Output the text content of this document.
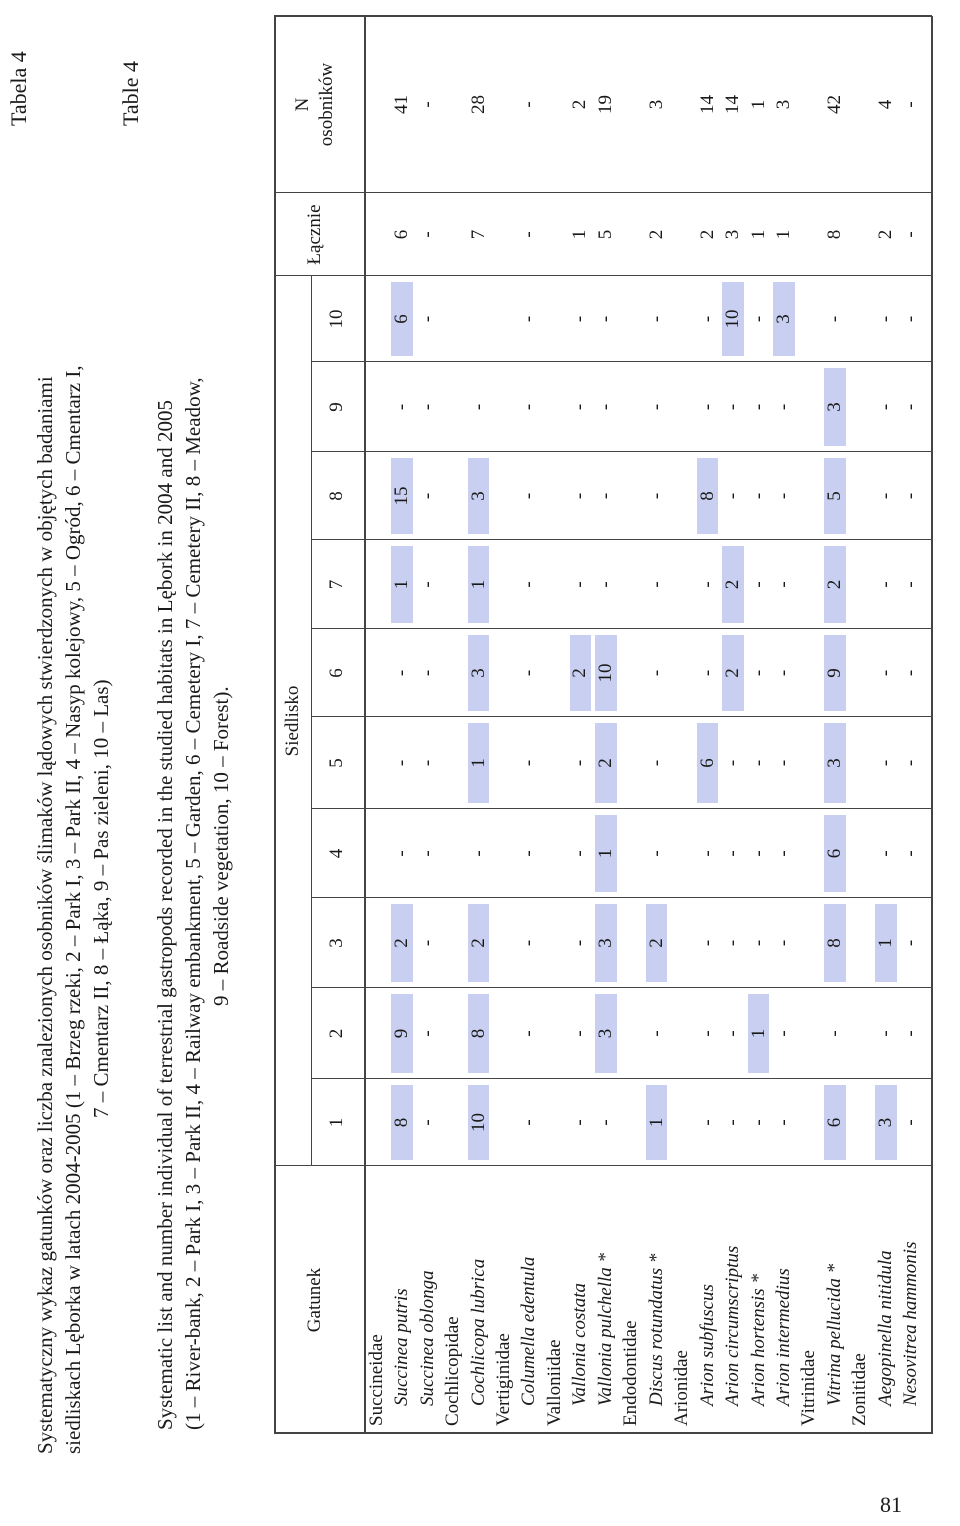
Tabela 4
Systematyczny wykaz gatunków oraz liczba znalezionych osobników ślimaków lądowych stwierdzonych w objętych badaniami siedliskach Lęborka w latach 2004-2005 (1 – Brzeg rzeki, 2 – Park I, 3 – Park II, 4 – Nasyp kolejowy, 5 – Ogród, 6 – Cmentarz I, 7 – Cmentarz II, 8 – Łąka, 9 – Pas zieleni, 10 – Las)
Table 4
Systematic list and number individual of terrestrial gastropods recorded in the studied habitats in Lębork in 2004 and 2005 (1 – River-bank, 2 – Park I, 3 – Park II, 4 – Railway embankment, 5 – Garden, 6 – Cemetery I, 7 – Cemetery II, 8 – Meadow, 9 – Roadside vegetation, 10 – Forest).
Gatunek
Siedlisko
1
2
3
4
5
6
7
8
9
10
Łącznie
N osobników
Succineidae Succinea putris
8
9
2
-
-
-
1
15
-
6
6
41
Succinea oblonga
-
-
-
-
-
-
-
-
-
-
-
-
Cochlicopidae Cochlicopa lubrica
10
8
2
-
1
3
1
3
-
7
28
Vertiginidae Columella edentula
-
-
-
-
-
-
-
-
-
-
-
-
Valloniidae Vallonia costata
-
-
-
-
-
2
-
-
-
-
1
2
Vallonia pulchella *
-
3
3
1
2
10
-
-
-
-
5
19
Endodontidae Discus rotundatus *
1
-
2
-
-
-
-
-
-
-
2
3
Arionidae Arion subfuscus
-
-
-
-
6
-
-
8
-
-
2
14
Arion circumscriptus
-
-
-
-
-
2
2
-
-
10
3
14
Arion hortensis *
-
1
-
-
-
-
-
-
-
-
1
1
Arion intermedius
-
-
-
-
-
-
-
-
-
3
1
3
Vitrinidae Vitrina pellucida *
6
-
8
6
3
9
2
5
3
-
8
42
Zonitidae Aegopinella nitidula
3
-
1
-
-
-
-
-
-
-
2
4
Nesovitrea hammonis
-
-
-
-
-
-
-
-
-
-
-
-
81
